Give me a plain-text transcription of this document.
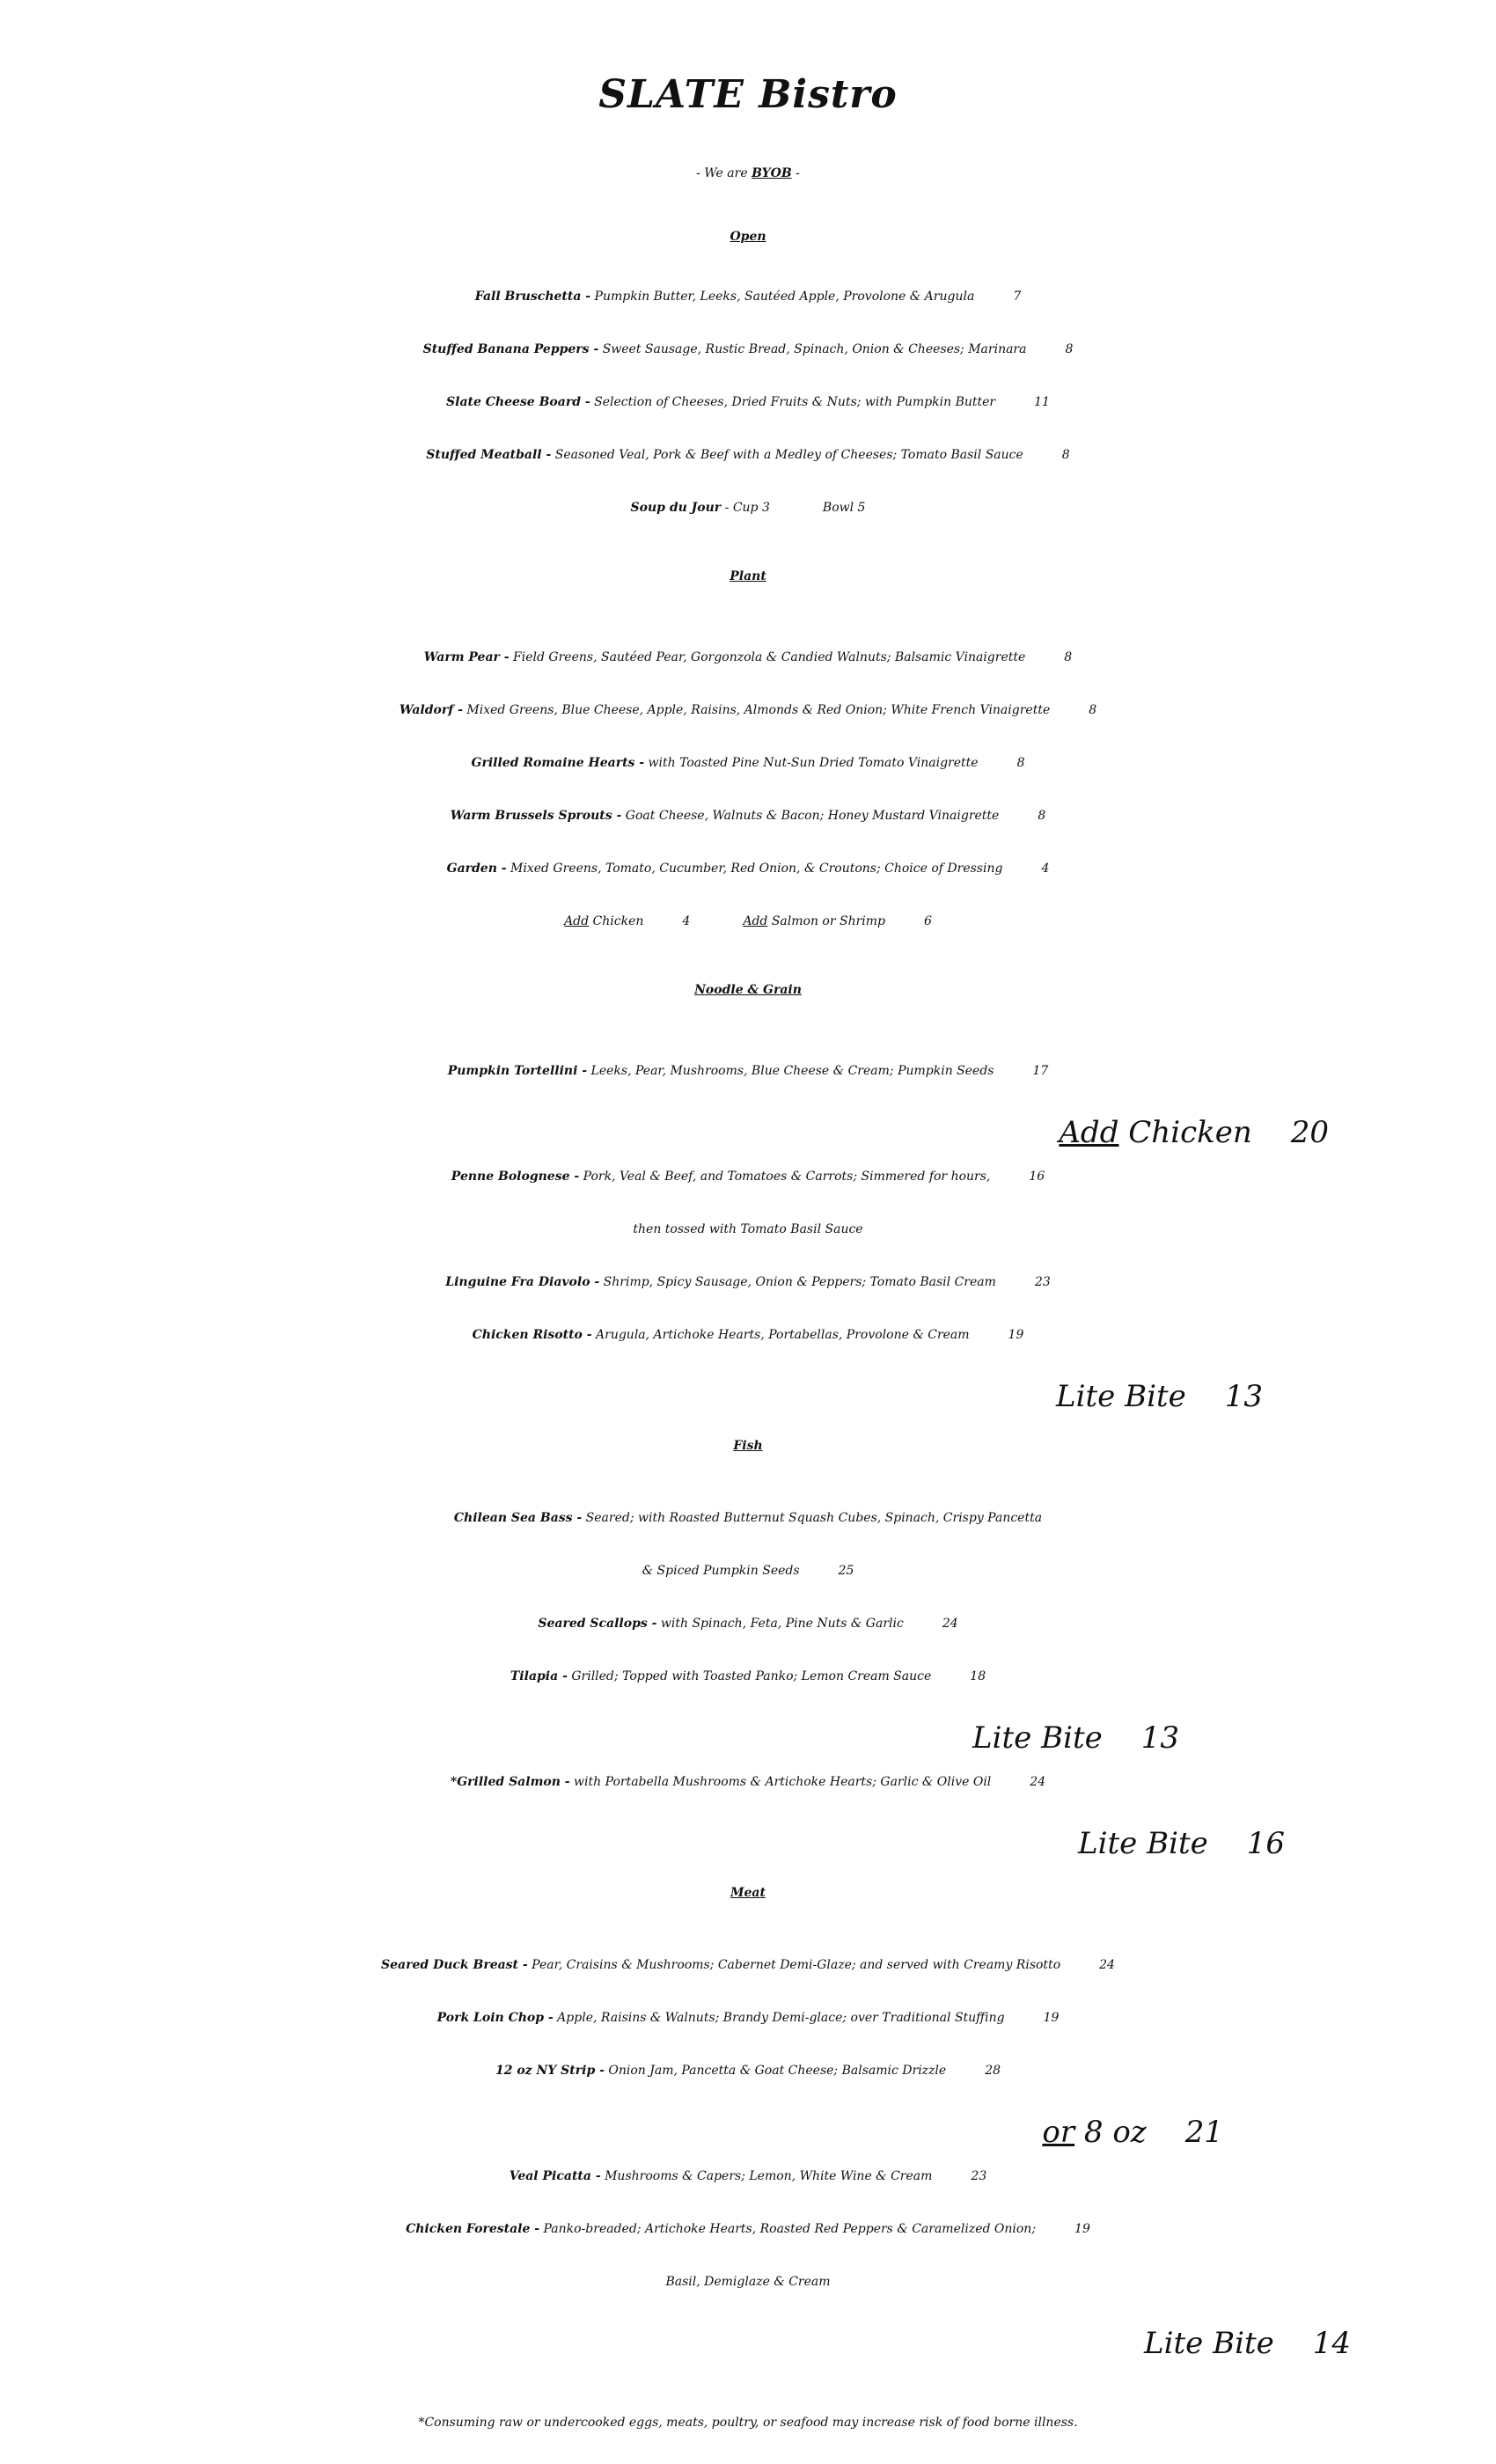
SLATE Bistro
- We are BYOB -
Open
Fall Bruschetta - Pumpkin Butter, Leeks, Sautéed Apple, Provolone & Arugula	7
Stuffed Banana Peppers - Sweet Sausage, Rustic Bread, Spinach, Onion & Cheeses; Marinara	8
Slate Cheese Board - Selection of Cheeses, Dried Fruits & Nuts; with Pumpkin Butter	11
Stuffed Meatball - Seasoned Veal, Pork & Beef with a Medley of Cheeses; Tomato Basil Sauce	8
Soup du Jour - Cup 3	Bowl 5
Plant
Warm Pear - Field Greens, Sautéed Pear, Gorgonzola & Candied Walnuts; Balsamic Vinaigrette	8
Waldorf - Mixed Greens, Blue Cheese, Apple, Raisins, Almonds & Red Onion; White French Vinaigrette	8
Grilled Romaine Hearts - with Toasted Pine Nut-Sun Dried Tomato Vinaigrette	8
Warm Brussels Sprouts - Goat Cheese, Walnuts & Bacon; Honey Mustard Vinaigrette	8
Garden - Mixed Greens, Tomato, Cucumber, Red Onion, & Croutons; Choice of Dressing	4
Add Chicken	4	Add Salmon or Shrimp	6
Noodle & Grain
Pumpkin Tortellini - Leeks, Pear, Mushrooms, Blue Cheese & Cream; Pumpkin Seeds	17
Add Chicken 20
Penne Bolognese - Pork, Veal & Beef, and Tomatoes & Carrots; Simmered for hours,	16
then tossed with Tomato Basil Sauce
Linguine Fra Diavolo - Shrimp, Spicy Sausage, Onion & Peppers; Tomato Basil Cream	23
Chicken Risotto - Arugula, Artichoke Hearts, Portabellas, Provolone & Cream	19
Lite Bite 13
Fish
Chilean Sea Bass - Seared; with Roasted Butternut Squash Cubes, Spinach, Crispy Pancetta
& Spiced Pumpkin Seeds	25
Seared Scallops - with Spinach, Feta, Pine Nuts & Garlic	24
Tilapia - Grilled; Topped with Toasted Panko; Lemon Cream Sauce	18
Lite Bite 13
*Grilled Salmon - with Portabella Mushrooms & Artichoke Hearts; Garlic & Olive Oil	24
Lite Bite 16
Meat
Seared Duck Breast - Pear, Craisins & Mushrooms; Cabernet Demi-Glaze; and served with Creamy Risotto	24
Pork Loin Chop - Apple, Raisins & Walnuts; Brandy Demi-glace; over Traditional Stuffing	19
12 oz NY Strip - Onion Jam, Pancetta & Goat Cheese; Balsamic Drizzle	28
or 8 oz 21
Veal Picatta - Mushrooms & Capers; Lemon, White Wine & Cream	23
Chicken Forestale - Panko-breaded; Artichoke Hearts, Roasted Red Peppers & Caramelized Onion;	19
Basil, Demiglaze & Cream
Lite Bite 14
*Consuming raw or undercooked eggs, meats, poultry, or seafood may increase risk of food borne illness.
